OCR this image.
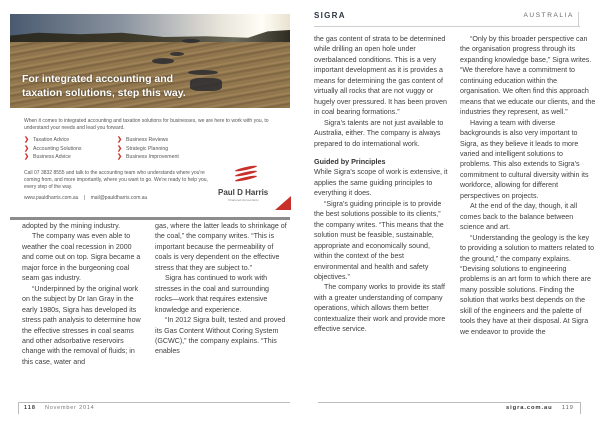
For integrated accounting and
taxation solutions, step this way.
When it comes to integrated accounting and taxation solutions for businesses, we are here to work with you, to understand your needs and lead you forward.
❯ Taxation Advice
❯ Accounting Solutions
❯ Business Advice
❯ Business Reviews
❯ Strategic Planning
❯ Business Improvement
Call 07 3832 8555 and talk to the accounting team who understands where you're coming from, and more importantly, where you want to go. We're ready to help you, every step of the way.
www.pauldharris.com.au | mail@pauldharris.com.au
Paul D Harris
Chartered Accountants

adopted by the mining industry.

The company was even able to weather the coal recession in 2000 and come out on top. Sigra became a major force in the burgeoning coal seam gas industry.

“Underpinned by the original work on the subject by Dr Ian Gray in the early 1980s, Sigra has developed its stress path analysis to determine how the effective stresses in coal seams and other adsorbative reservoirs change with the removal of fluids; in this case, water and

gas, where the latter leads to shrinkage of the coal,” the company writes. “This is important because the permeability of coals is very dependent on the effective stress that they are subject to.”

Sigra has continued to work with stresses in the coal and surrounding rocks—work that requires extensive knowledge and experience.

“In 2012 Sigra built, tested and proved its Gas Content Without Coring System (GCWC),” the company explains. “This enables

118 November 2014
SIGRA	AUSTRALIA

the gas content of strata to be determined while drilling an open hole under overbalanced conditions. This is a very important development as it is provides a means for determining the gas content of virtually all rocks that are not vuggy or hugely over pressured. It has been proven in coal bearing formations.”

Sigra’s talents are not just available to Australia, either. The company is always prepared to do international work.

Guided by Principles

While Sigra’s scope of work is extensive, it applies the same guiding principles to everything it does.

“Sigra’s guiding principle is to provide the best solutions possible to its clients,” the company writes. “This means that the solution must be feasible, sustainable, appropriate and economically sound, within the context of the best environmental and health and safety objectives.”

The company works to provide its staff with a greater understanding of company operations, which allows them better contextualize their work and provide more effective service.

“Only by this broader perspective can the organisation progress through its expanding knowledge base,” Sigra writes. “We therefore have a commitment to continuing education within the organisation. We often find this approach means that we educate our clients, and the industries they represent, as well.”

Having a team with diverse backgrounds is also very important to Sigra, as they believe it leads to more varied and intelligent solutions to problems. This also extends to Sigra’s commitment to cultural diversity within its workforce, allowing for different perspectives on projects.

At the end of the day, though, it all comes back to the balance between science and art.

“Understanding the geology is the key to providing a solution to matters related to the ground,” the company explains. “Devising solutions to engineering problems is an art form to which there are many possible solutions. Finding the solution that works best depends on the skill of the engineers and the palette of tools they have at their disposal. At Sigra we endeavor to provide the

sigra.com.au 119
